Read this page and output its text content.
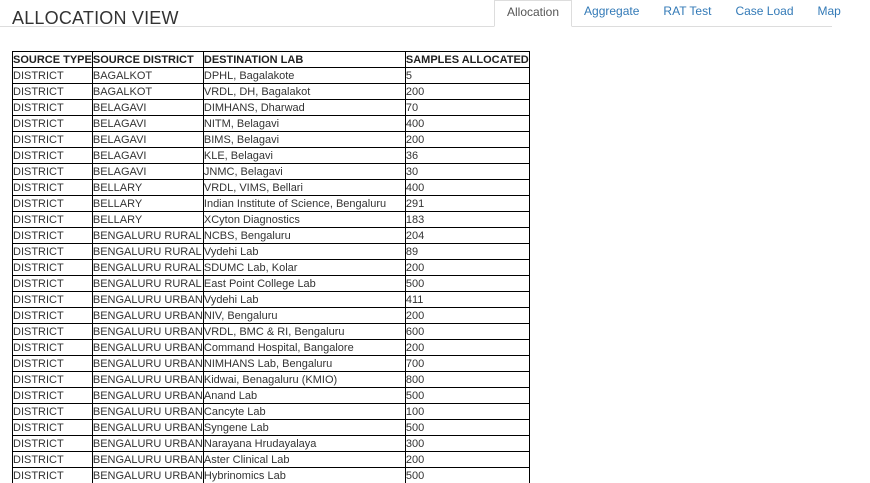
ALLOCATION VIEW	Allocation	Aggregate	RAT Test	Case Load	Map
SOURCE TYPE	SOURCE DISTRICT	DESTINATION LAB	SAMPLES ALLOCATED
DISTRICT	BAGALKOT	DPHL, Bagalakote	5
DISTRICT	BAGALKOT	VRDL, DH, Bagalakot	200
DISTRICT	BELAGAVI	DIMHANS, Dharwad	70
DISTRICT	BELAGAVI	NITM, Belagavi	400
DISTRICT	BELAGAVI	BIMS, Belagavi	200
DISTRICT	BELAGAVI	KLE, Belagavi	36
DISTRICT	BELAGAVI	JNMC, Belagavi	30
DISTRICT	BELLARY	VRDL, VIMS, Bellari	400
DISTRICT	BELLARY	Indian Institute of Science, Bengaluru	291
DISTRICT	BELLARY	XCyton Diagnostics	183
DISTRICT	BENGALURU RURAL	NCBS, Bengaluru	204
DISTRICT	BENGALURU RURAL	Vydehi Lab	89
DISTRICT	BENGALURU RURAL	SDUMC Lab, Kolar	200
DISTRICT	BENGALURU RURAL	East Point College Lab	500
DISTRICT	BENGALURU URBAN	Vydehi Lab	411
DISTRICT	BENGALURU URBAN	NIV, Bengaluru	200
DISTRICT	BENGALURU URBAN	VRDL, BMC & RI, Bengaluru	600
DISTRICT	BENGALURU URBAN	Command Hospital, Bangalore	200
DISTRICT	BENGALURU URBAN	NIMHANS Lab, Bengaluru	700
DISTRICT	BENGALURU URBAN	Kidwai, Benagaluru (KMIO)	800
DISTRICT	BENGALURU URBAN	Anand Lab	500
DISTRICT	BENGALURU URBAN	Cancyte Lab	100
DISTRICT	BENGALURU URBAN	Syngene Lab	500
DISTRICT	BENGALURU URBAN	Narayana Hrudayalaya	300
DISTRICT	BENGALURU URBAN	Aster Clinical Lab	200
DISTRICT	BENGALURU URBAN	Hybrinomics Lab	500
